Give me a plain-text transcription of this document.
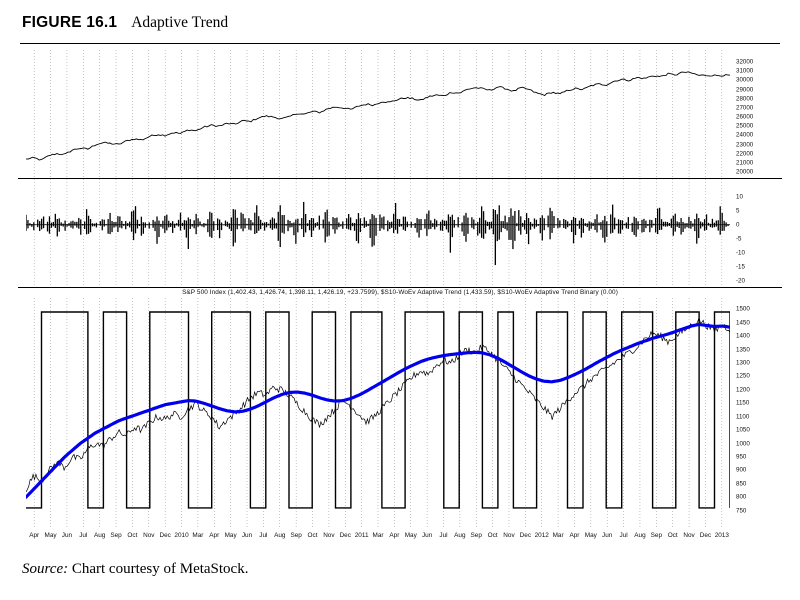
FIGURE 16.1 Adaptive Trend
32000
31000
30000
29000
28000
27000
26000
25000
24000
23000
22000
21000
20000
10
5
0
-5
-10
-15
-20
S&P 500 Index (1,402.43, 1,426.74, 1,398.11, 1,426.19, +23.7599), $S10-WoEv Adaptive Trend (1,433.59), $S10-WoEv Adaptive Trend Binary (0.00)
1500
1450
1400
1350
1300
1250
1200
1150
1100
1050
1000
950
900
850
800
750
Apr May Jun Jul Aug Sep Oct Nov Dec 2010 Mar Apr May Jun Jul Aug Sep Oct Nov Dec 2011 Mar Apr May Jun Jul Aug Sep Oct Nov Dec 2012 Mar Apr May Jun Jul Aug Sep Oct Nov Dec 2013
Source: Chart courtesy of MetaStock.
